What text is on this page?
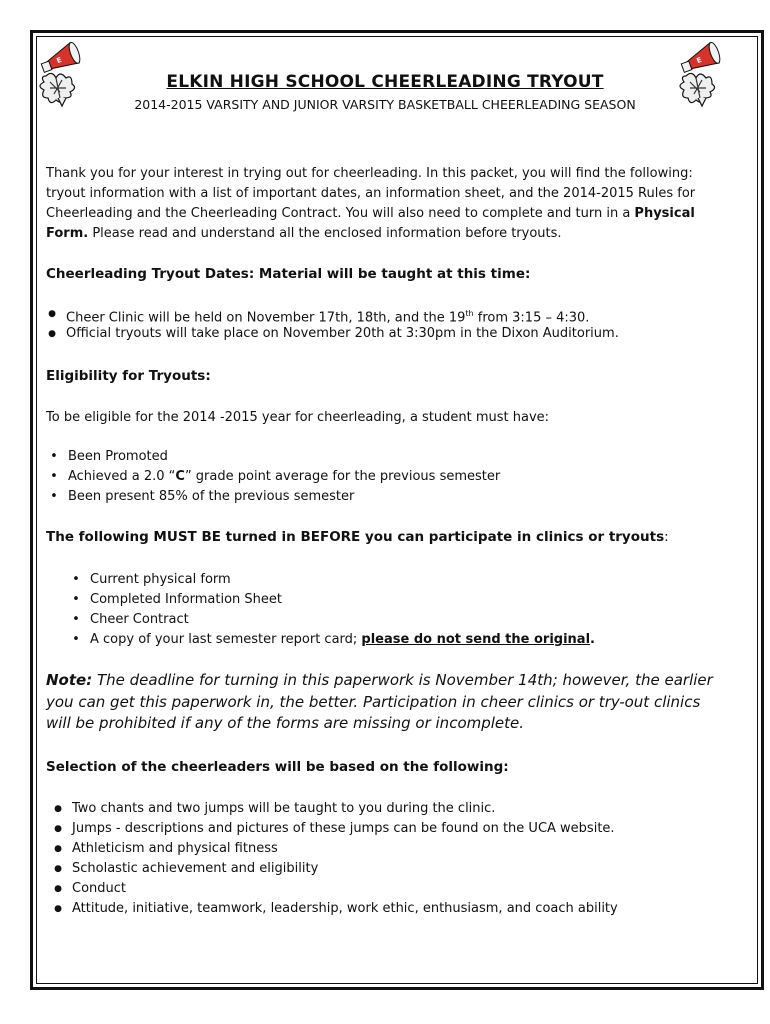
E	E
ELKIN HIGH SCHOOL CHEERLEADING TRYOUT
2014-2015 VARSITY AND JUNIOR VARSITY BASKETBALL CHEERLEADING SEASON
Thank you for your interest in trying out for cheerleading. In this packet, you will find the following: tryout information with a list of important dates, an information sheet, and the 2014-2015 Rules for Cheerleading and the Cheerleading Contract. You will also need to complete and turn in a Physical Form. Please read and understand all the enclosed information before tryouts.
Cheerleading Tryout Dates: Material will be taught at this time:
● Cheer Clinic will be held on November 17th, 18th, and the 19th from 3:15 – 4:30.
● Official tryouts will take place on November 20th at 3:30pm in the Dixon Auditorium.
Eligibility for Tryouts:
To be eligible for the 2014 -2015 year for cheerleading, a student must have:
• Been Promoted
• Achieved a 2.0 “C” grade point average for the previous semester
• Been present 85% of the previous semester
The following MUST BE turned in BEFORE you can participate in clinics or tryouts:
• Current physical form
• Completed Information Sheet
• Cheer Contract
• A copy of your last semester report card; please do not send the original.
Note: The deadline for turning in this paperwork is November 14th; however, the earlier you can get this paperwork in, the better. Participation in cheer clinics or try-out clinics will be prohibited if any of the forms are missing or incomplete.
Selection of the cheerleaders will be based on the following:
● Two chants and two jumps will be taught to you during the clinic.
● Jumps - descriptions and pictures of these jumps can be found on the UCA website.
● Athleticism and physical fitness
● Scholastic achievement and eligibility
● Conduct
● Attitude, initiative, teamwork, leadership, work ethic, enthusiasm, and coach ability
